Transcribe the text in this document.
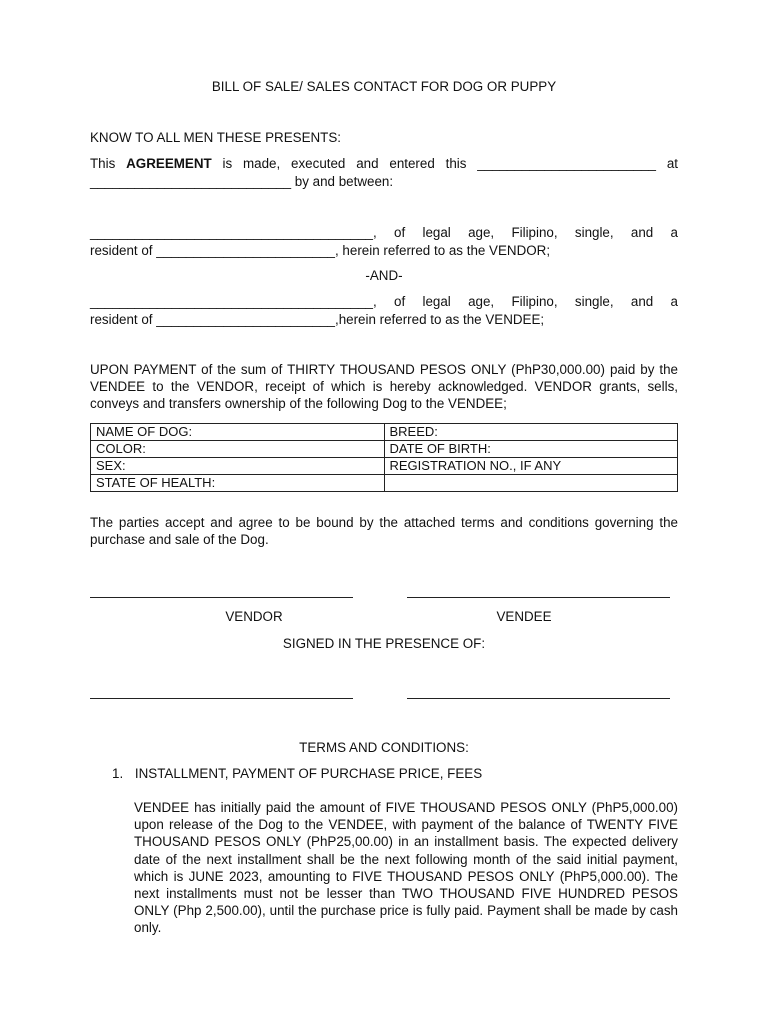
BILL OF SALE/ SALES CONTACT FOR DOG OR PUPPY
KNOW TO ALL MEN THESE PRESENTS:
This AGREEMENT is made, executed and entered this ________________________ at
___________________________ by and between:
______________________________________, of legal age, Filipino, single, and a
resident of ________________________, herein referred to as the VENDOR;
-AND-
______________________________________, of legal age, Filipino, single, and a
resident of ________________________,herein referred to as the VENDEE;
UPON PAYMENT of the sum of THIRTY THOUSAND PESOS ONLY (PhP30,000.00) paid by the VENDEE to the VENDOR, receipt of which is hereby acknowledged. VENDOR grants, sells, conveys and transfers ownership of the following Dog to the VENDEE;
NAME OF DOG:	BREED:
COLOR:	DATE OF BIRTH:
SEX:	REGISTRATION NO., IF ANY
STATE OF HEALTH:	
The parties accept and agree to be bound by the attached terms and conditions governing the purchase and sale of the Dog.
VENDOR	VENDEE
SIGNED IN THE PRESENCE OF:
TERMS AND CONDITIONS:
1. INSTALLMENT, PAYMENT OF PURCHASE PRICE, FEES
VENDEE has initially paid the amount of FIVE THOUSAND PESOS ONLY (PhP5,000.00) upon release of the Dog to the VENDEE, with payment of the balance of TWENTY FIVE THOUSAND PESOS ONLY (PhP25,00.00) in an installment basis. The expected delivery date of the next installment shall be the next following month of the said initial payment, which is JUNE 2023, amounting to FIVE THOUSAND PESOS ONLY (PhP5,000.00). The next installments must not be lesser than TWO THOUSAND FIVE HUNDRED PESOS ONLY (Php 2,500.00), until the purchase price is fully paid. Payment shall be made by cash only.
